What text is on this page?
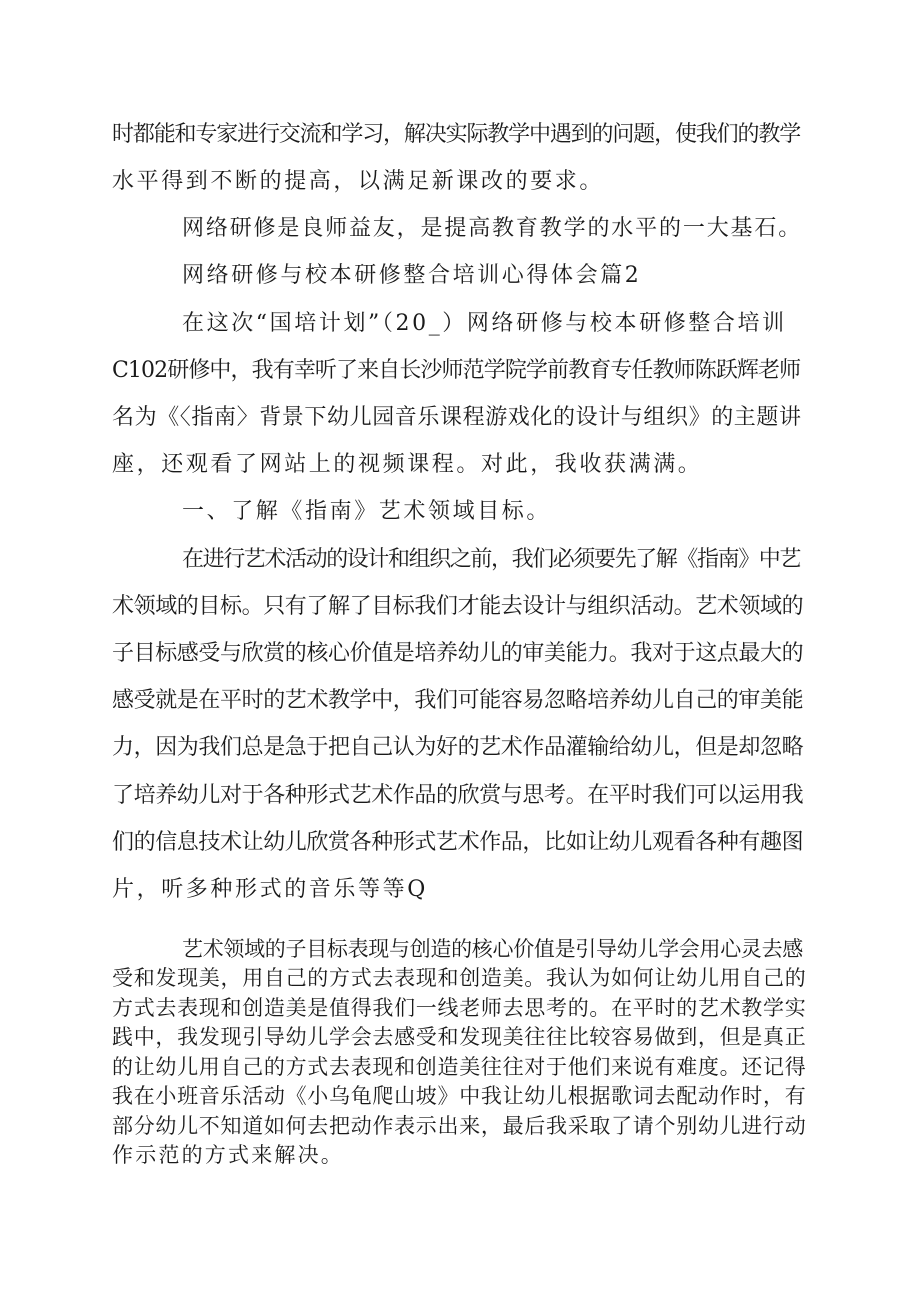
时都能和专家进行交流和学习，解决实际教学中遇到的问题，使我们的教学

水平得到不断的提高，以满足新课改的要求。

网络研修是良师益友，是提高教育教学的水平的一大基石。

网络研修与校本研修整合培训心得体会篇2

在这次“国培计划”（20_）网络研修与校本研修整合培训

C102研修中，我有幸听了来自长沙师范学院学前教育专任教师陈跃辉老师

名为《〈指南〉背景下幼儿园音乐课程游戏化的设计与组织》的主题讲

座，还观看了网站上的视频课程。对此，我收获满满。

一、了解《指南》艺术领域目标。

在进行艺术活动的设计和组织之前，我们必须要先了解《指南》中艺

术领域的目标。只有了解了目标我们才能去设计与组织活动。艺术领域的

子目标感受与欣赏的核心价值是培养幼儿的审美能力。我对于这点最大的

感受就是在平时的艺术教学中，我们可能容易忽略培养幼儿自己的审美能

力，因为我们总是急于把自己认为好的艺术作品灌输给幼儿，但是却忽略

了培养幼儿对于各种形式艺术作品的欣赏与思考。在平时我们可以运用我

们的信息技术让幼儿欣赏各种形式艺术作品，比如让幼儿观看各种有趣图

片，听多种形式的音乐等等Q

艺术领域的子目标表现与创造的核心价值是引导幼儿学会用心灵去感

受和发现美，用自己的方式去表现和创造美。我认为如何让幼儿用自己的

方式去表现和创造美是值得我们一线老师去思考的。在平时的艺术教学实

践中，我发现引导幼儿学会去感受和发现美往往比较容易做到，但是真正

的让幼儿用自己的方式去表现和创造美往往对于他们来说有难度。还记得

我在小班音乐活动《小乌龟爬山坡》中我让幼儿根据歌词去配动作时，有

部分幼儿不知道如何去把动作表示出来，最后我采取了请个别幼儿进行动

作示范的方式来解决。
